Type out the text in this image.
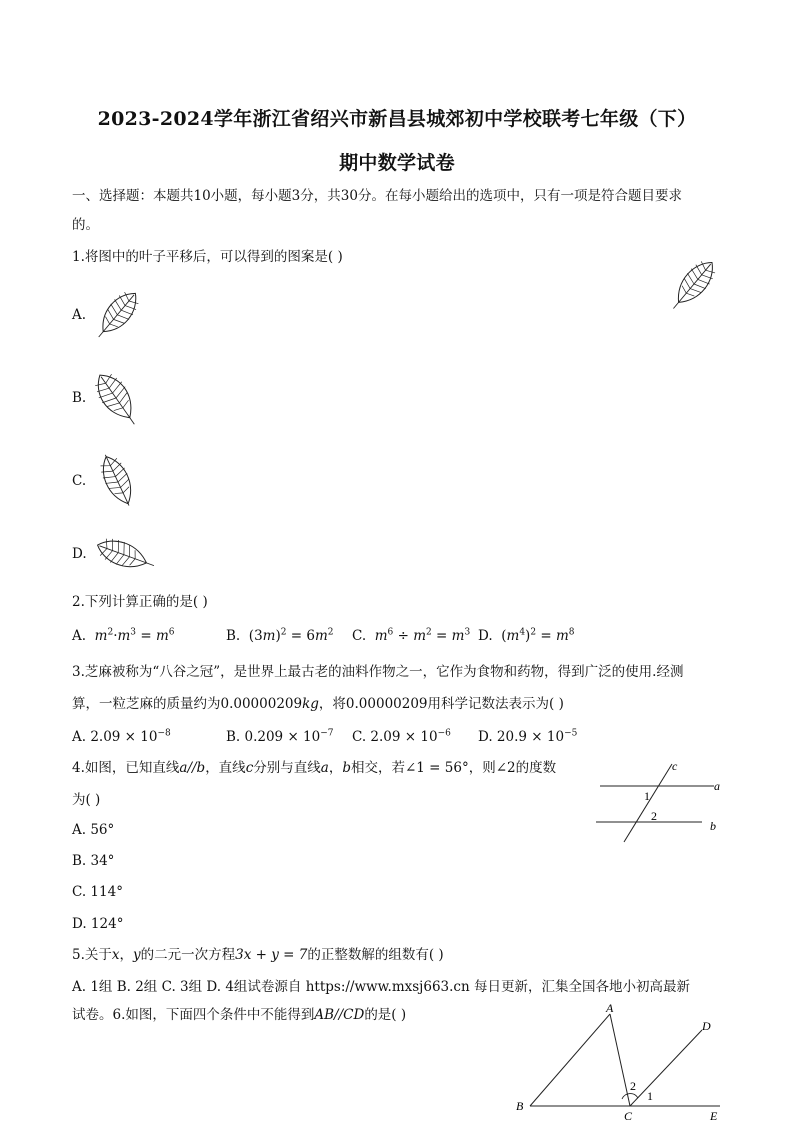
2023-2024学年浙江省绍兴市新昌县城郊初中学校联考七年级（下）
期中数学试卷
一、选择题：本题共10小题，每小题3分，共30分。在每小题给出的选项中，只有一项是符合题目要求
的。
1.将图中的叶子平移后，可以得到的图案是( )
A.
B.
C.
D.
2.下列计算正确的是( )
A. $m^2\cdot m^3 = m^6$	B.  $(3m)^2 = 6m^2$ C. $m^6 \div m^2 = m^3$ D.  $(m^4)^2 = m^8$
3.芝麻被称为“八谷之冠”，是世界上最古老的油料作物之一，它作为食物和药物，得到广泛的使用.经测
算，一粒芝麻的质量约为0.00000209kg，将0.00000209用科学记数法表示为( )
A. $2.09 \times 10^{-8}$	B. $0.209 \times 10^{-7}$ C. $2.09 \times 10^{-6}$ D. $20.9 \times 10^{-5}$
4.如图，已知直线a//b，直线c分别与直线a，b相交，若∠1 = 56°，则∠2的度数
为( )
A. 56°
B. 34°
C. 114°
D. 124°
c
a
b
1
2
5.关于x，y的二元一次方程3x + y = 7的正整数解的组数有( )
A. 1组 B. 2组 C. 3组 D. 4组试卷源自 https://www.mxsj663.cn 每日更新，汇集全国各地小初高最新
试卷。6.如图，下面四个条件中不能得到AB//CD的是( )	A
B
C
D
E
1
2
